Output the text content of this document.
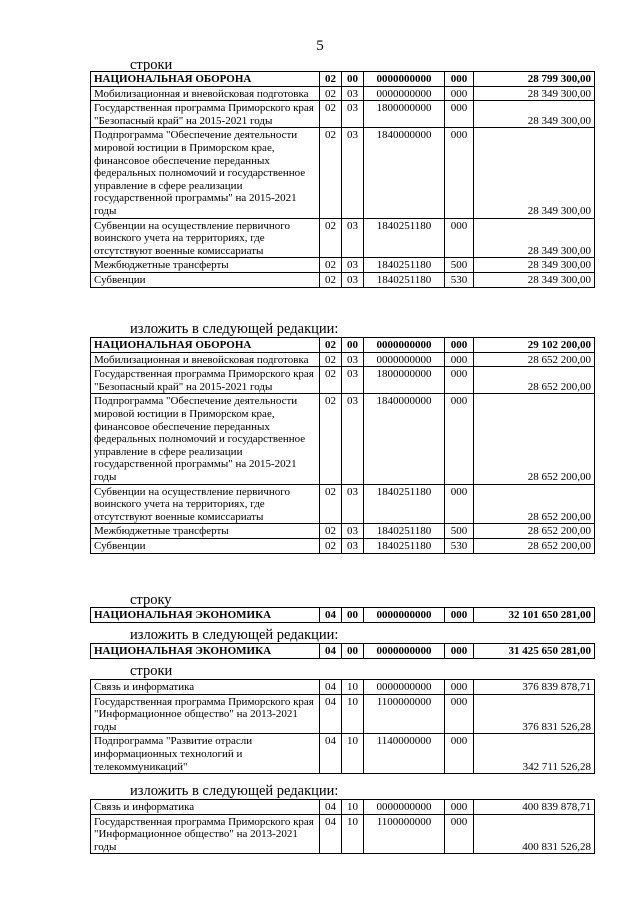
5
строки
НАЦИОНАЛЬНАЯ ОБОРОНА	02	00	0000000000	000	28 799 300,00
Мобилизационная и вневойсковая подготовка	02	03	0000000000	000	28 349 300,00
Государственная программа Приморского края "Безопасный край" на 2015-2021 годы	02	03	1800000000	000	28 349 300,00
Подпрограмма "Обеспечение деятельности мировой юстиции в Приморском крае, финансовое обеспечение переданных федеральных полномочий и государственное управление в сфере реализации государственной программы" на 2015-2021 годы	02	03	1840000000	000	28 349 300,00
Субвенции на осуществление первичного воинского учета на территориях, где отсутствуют военные комиссариаты	02	03	1840251180	000	28 349 300,00
Межбюджетные трансферты	02	03	1840251180	500	28 349 300,00
Субвенции	02	03	1840251180	530	28 349 300,00
изложить в следующей редакции:
НАЦИОНАЛЬНАЯ ОБОРОНА	02	00	0000000000	000	29 102 200,00
Мобилизационная и вневойсковая подготовка	02	03	0000000000	000	28 652 200,00
Государственная программа Приморского края "Безопасный край" на 2015-2021 годы	02	03	1800000000	000	28 652 200,00
Подпрограмма "Обеспечение деятельности мировой юстиции в Приморском крае, финансовое обеспечение переданных федеральных полномочий и государственное управление в сфере реализации государственной программы" на 2015-2021 годы	02	03	1840000000	000	28 652 200,00
Субвенции на осуществление первичного воинского учета на территориях, где отсутствуют военные комиссариаты	02	03	1840251180	000	28 652 200,00
Межбюджетные трансферты	02	03	1840251180	500	28 652 200,00
Субвенции	02	03	1840251180	530	28 652 200,00
строку
НАЦИОНАЛЬНАЯ ЭКОНОМИКА	04	00	0000000000	000	32 101 650 281,00
изложить в следующей редакции:
НАЦИОНАЛЬНАЯ ЭКОНОМИКА	04	00	0000000000	000	31 425 650 281,00
строки
Связь и информатика	04	10	0000000000	000	376 839 878,71
Государственная программа Приморского края "Информационное общество" на 2013-2021 годы	04	10	1100000000	000	376 831 526,28
Подпрограмма "Развитие отрасли информационных технологий и телекоммуникаций"	04	10	1140000000	000	342 711 526,28
изложить в следующей редакции:
Связь и информатика	04	10	0000000000	000	400 839 878,71
Государственная программа Приморского края "Информационное общество" на 2013-2021 годы	04	10	1100000000	000	400 831 526,28
